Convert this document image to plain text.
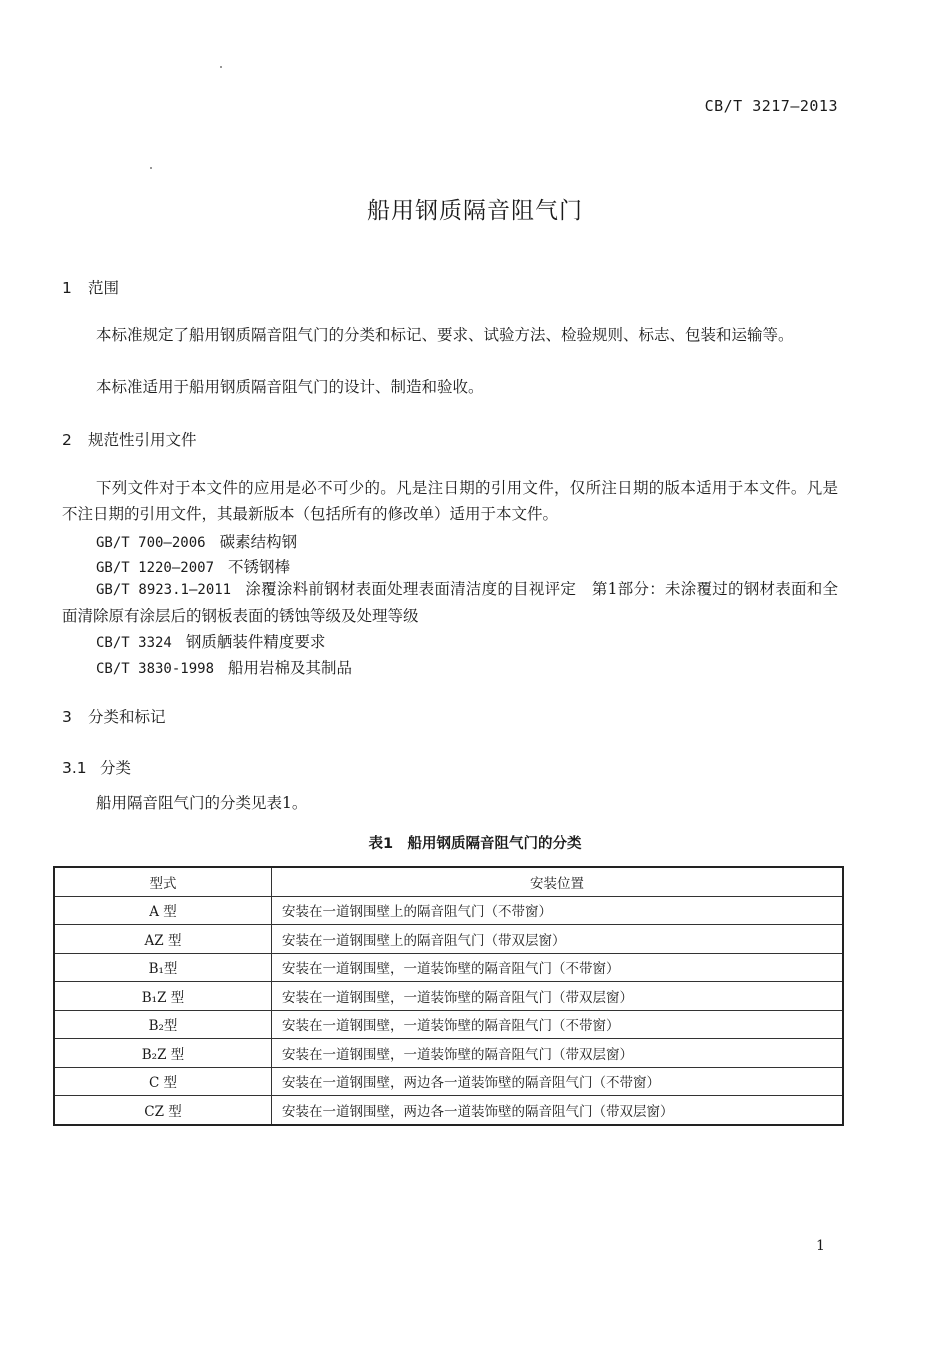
CB/T 3217—2013
船用钢质隔音阻气门
1 范围
本标准规定了船用钢质隔音阻气门的分类和标记、要求、试验方法、检验规则、标志、包装和运输等。
本标准适用于船用钢质隔音阻气门的设计、制造和验收。
2 规范性引用文件
下列文件对于本文件的应用是必不可少的。凡是注日期的引用文件，仅所注日期的版本适用于本文件。凡是不注日期的引用文件，其最新版本（包括所有的修改单）适用于本文件。
GB/T 700—2006 碳素结构钢
GB/T 1220—2007 不锈钢棒
GB/T 8923.1—2011 涂覆涂料前钢材表面处理表面清洁度的目视评定　第1部分：未涂覆过的钢材表面和全面清除原有涂层后的钢板表面的锈蚀等级及处理等级
CB/T 3324 钢质舾装件精度要求
CB/T 3830-1998 船用岩棉及其制品
3 分类和标记
3.1 分类
船用隔音阻气门的分类见表1。
表1　船用钢质隔音阻气门的分类
型式	安装位置
A 型	安装在一道钢围壁上的隔音阻气门（不带窗）
AZ 型	安装在一道钢围壁上的隔音阻气门（带双层窗）
B₁型	安装在一道钢围壁，一道装饰壁的隔音阻气门（不带窗）
B₁Z 型	安装在一道钢围壁，一道装饰壁的隔音阻气门（带双层窗）
B₂型	安装在一道钢围壁，一道装饰壁的隔音阻气门（不带窗）
B₂Z 型	安装在一道钢围壁，一道装饰壁的隔音阻气门（带双层窗）
C 型	安装在一道钢围壁，两边各一道装饰壁的隔音阻气门（不带窗）
CZ 型	安装在一道钢围壁，两边各一道装饰壁的隔音阻气门（带双层窗）
1
